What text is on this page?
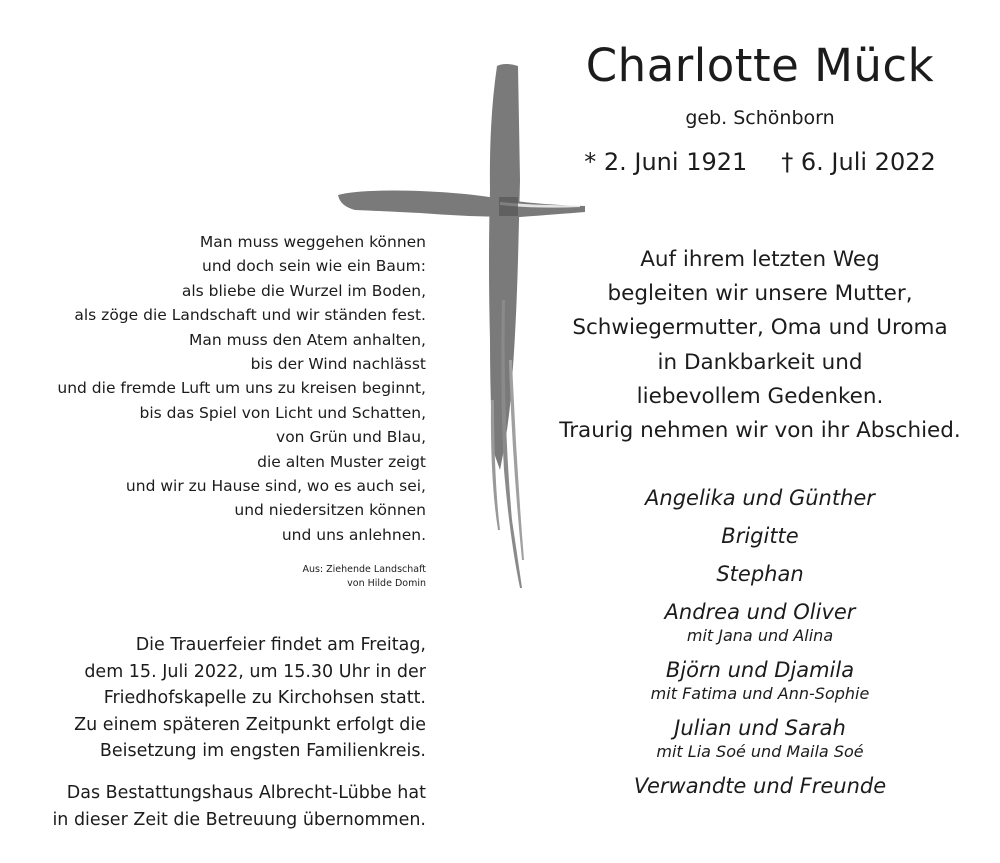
Charlotte Mück
geb. Schönborn
* 2. Juni 1921 † 6. Juli 2022
Man muss weggehen können
und doch sein wie ein Baum:
als bliebe die Wurzel im Boden,
als zöge die Landschaft und wir ständen fest.
Man muss den Atem anhalten,
bis der Wind nachlässt
und die fremde Luft um uns zu kreisen beginnt,
bis das Spiel von Licht und Schatten,
von Grün und Blau,
die alten Muster zeigt
und wir zu Hause sind, wo es auch sei,
und niedersitzen können
und uns anlehnen.
Aus: Ziehende Landschaft
von Hilde Domin
Die Trauerfeier findet am Freitag,
dem 15. Juli 2022, um 15.30 Uhr in der
Friedhofskapelle zu Kirchohsen statt.
Zu einem späteren Zeitpunkt erfolgt die
Beisetzung im engsten Familienkreis.
Das Bestattungshaus Albrecht-Lübbe hat
in dieser Zeit die Betreuung übernommen.
Auf ihrem letzten Weg
begleiten wir unsere Mutter,
Schwiegermutter, Oma und Uroma
in Dankbarkeit und
liebevollem Gedenken.
Traurig nehmen wir von ihr Abschied.
Angelika und Günther
Brigitte
Stephan
Andrea und Oliver
mit Jana und Alina
Björn und Djamila
mit Fatima und Ann-Sophie
Julian und Sarah
mit Lia Soé und Maila Soé
Verwandte und Freunde
